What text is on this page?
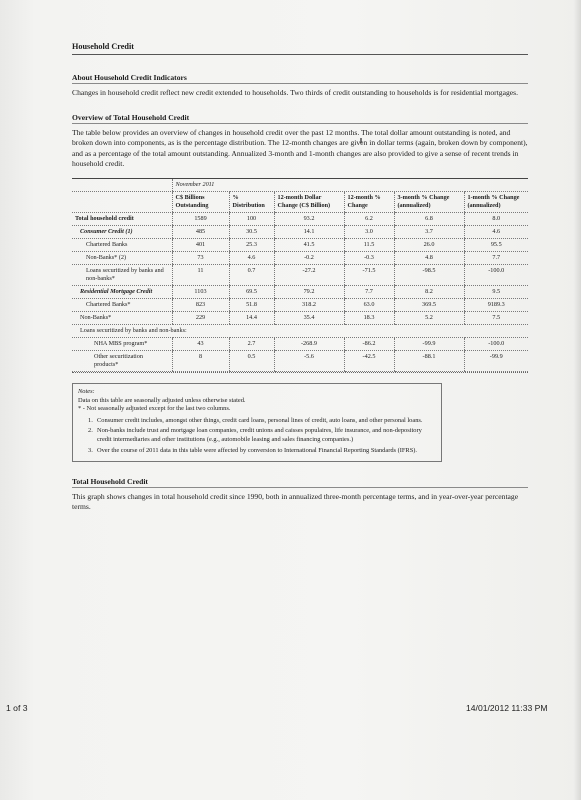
Household Credit
About Household Credit Indicators

Changes in household credit reflect new credit extended to households. Two thirds of credit outstanding to households is for residential mortgages.

Overview of Total Household Credit

The table below provides an overview of changes in household credit over the past 12 months. The total dollar amount outstanding is noted, and broken down into components, as is the percentage distribution. The 12-month changes are given in dollar terms (again, broken down by component), and as a percentage of the total amount outstanding. Annualized 3-month and 1-month changes are also provided to give a sense of recent trends in household credit.

	November 2011					
	C$ Billions Outstanding	% Distribution	12-month Dollar Change (C$ Billion)	12-month % Change	3-month % Change (annualized)	1-month % Change (annualized)
Total household credit	1589	100	93.2	6.2	6.8	8.0
Consumer Credit (1)	485	30.5	14.1	3.0	3.7	4.6
Chartered Banks	401	25.3	41.5	11.5	26.0	95.5
Non-Banks* (2)	73	4.6	-0.2	-0.3	4.8	7.7
Loans securitized by banks and non-banks*	11	0.7	-27.2	-71.5	-98.5	-100.0
Residential Mortgage Credit	1103	69.5	79.2	7.7	8.2	9.5
Chartered Banks*	823	51.8	318.2	63.0	369.5	9189.3
Non-Banks*	229	14.4	35.4	18.3	5.2	7.5
Loans securitized by banks and non-banks:						
NHA MBS program*	43	2.7	-268.9	-86.2	-99.9	-100.0
Other securitization products*	8	0.5	-5.6	-42.5	-88.1	-99.9
Notes:
Data on this table are seasonally adjusted unless otherwise stated.
* - Not seasonally adjusted except for the last two columns.
1. Consumer credit includes, amongst other things, credit card loans, personal lines of credit, auto loans, and other personal loans.
2. Non-banks include trust and mortgage loan companies, credit unions and caisses populaires, life insurance, and non-depository credit intermediaries and other institutions (e.g., automobile leasing and sales financing companies.)
3. Over the course of 2011 data in this table were affected by conversion to International Financial Reporting Standards (IFRS).
Total Household Credit

This graph shows changes in total household credit since 1990, both in annualized three-month percentage terms, and in year-over-year percentage terms.

1 of 3	14/01/2012 11:33 PM
